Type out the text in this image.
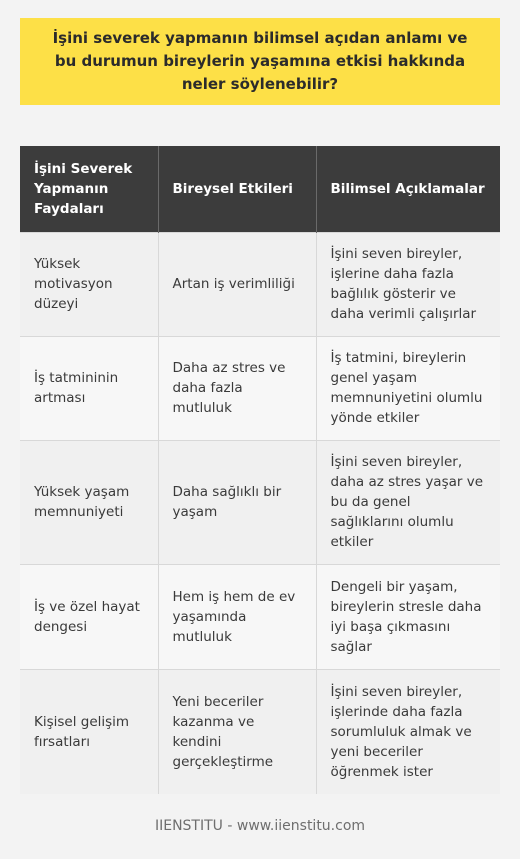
İşini severek yapmanın bilimsel açıdan anlamı ve bu durumun bireylerin yaşamına etkisi hakkında neler söylenebilir?
İşini Severek Yapmanın Faydaları	Bireysel Etkileri	Bilimsel Açıklamalar
Yüksek motivasyon düzeyi	Artan iş verimliliği	İşini seven bireyler, işlerine daha fazla bağlılık gösterir ve daha verimli çalışırlar
İş tatmininin artması	Daha az stres ve daha fazla mutluluk	İş tatmini, bireylerin genel yaşam memnuniyetini olumlu yönde etkiler
Yüksek yaşam memnuniyeti	Daha sağlıklı bir yaşam	İşini seven bireyler, daha az stres yaşar ve bu da genel sağlıklarını olumlu etkiler
İş ve özel hayat dengesi	Hem iş hem de ev yaşamında mutluluk	Dengeli bir yaşam, bireylerin stresle daha iyi başa çıkmasını sağlar
Kişisel gelişim fırsatları	Yeni beceriler kazanma ve kendini gerçekleştirme	İşini seven bireyler, işlerinde daha fazla sorumluluk almak ve yeni beceriler öğrenmek ister
IIENSTITU - www.iienstitu.com
